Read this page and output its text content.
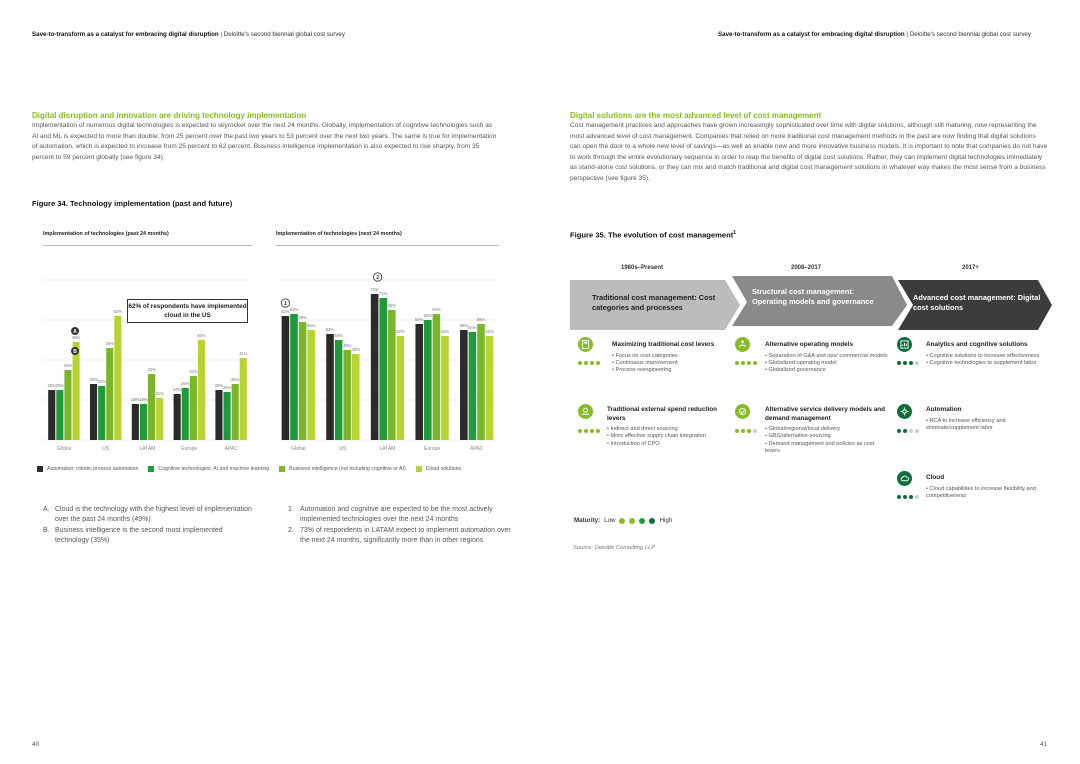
Save-to-transform as a catalyst for embracing digital disruption | Deloitte's second biennial global cost survey
Digital disruption and innovation are driving technology implementation
Implementation of numerous digital technologies is expected to skyrocket over the next 24 months. Globally, implementation of cognitive technologies such as AI and ML is expected to more than double, from 25 percent over the past two years to 53 percent over the next two years. The same is true for implementation of automation, which is expected to increase from 25 percent to 62 percent. Business intelligence implementation is also expected to rise sharply, from 35 percent to 59 percent globally (see figure 34).
Figure 34. Technology implementation (past and future)
Implementation of technologies (past 24 months)	Implementation of technologies (next 24 months)
25% 25%
35%
49%
Global
28% 27%
46%
62%
US
18% 18%
33%
21%
LATAM
23%
26%
32%
50%
Europe
25% 24%
28%
41%
APAC
A
B
62% 63%
59%
55%
Global
53%
50%
45%
43%
US
73%
71%
65%
52%
LATAM
58%
60%
63%
52%
Europe
55% 54%
58%
52%
APAC
1
2
62% of respondents have implemented cloud in the US
Automation: robotic process automation	Cognitive technologies: AI and machine learning	Business intelligence (not including cognitive or AI)	Cloud solutions
A. Cloud is the technology with the highest level of implementation over the past 24 months (49%)
B. Business intelligence is the second most implemented technology (35%)
1. Automation and cognitive are expected to be the most actively implemented technologies over the next 24 months
2. 73% of respondents in LATAM expect to implement automation over the next 24 months, significantly more than in other regions
40
Save-to-transform as a catalyst for embracing digital disruption | Deloitte's second biennial global cost survey
Digital solutions are the most advanced level of cost management
Cost management practices and approaches have grown increasingly sophisticated over time with digital solutions, although still maturing, now representing the most advanced level of cost management. Companies that relied on more traditional cost management methods in the past are now finding that digital solutions can open the door to a whole new level of savings—as well as enable new and more innovative business models. It is important to note that companies do not have to work through the entire evolutionary sequence in order to reap the benefits of digital cost solutions. Rather, they can implement digital technologies immediately as stand-alone cost solutions, or they can mix and match traditional and digital cost management solutions in whatever way makes the most sense from a business perspective (see figure 35).
Figure 35. The evolution of cost management$^1$
1980s–Present	2008–2017	2017+
Traditional cost management: Cost categories and processes
Structural cost management: Operating models and governance	Advanced cost management: Digital cost solutions
Maximizing traditional cost levers
• Focus on cost categories
• Continuous improvement
• Process reengineering
Alternative operating models
• Separation of G&A and ops/ commercial models
• Globalized operating model
• Globalized governance
Analytics and cognitive solutions
• Cognitive solutions to increase effectiveness
• Cognitive technologies to supplement labor
Traditional external spend reduction levers
• Indirect and direct sourcing
• More effective supply chain integration
• Introduction of CPO
Alternative service delivery models and demand management
• Global/regional/local delivery
• GBS/alternative-sourcing
• Demand management and policies as cost levers
Automation
• RCA to increase efficiency and eliminate/supplement labor
Cloud
• Cloud capabilities to increase flexibility and competitiveness
Maturity: Low	High
Source: Deloitte Consulting LLP
41
